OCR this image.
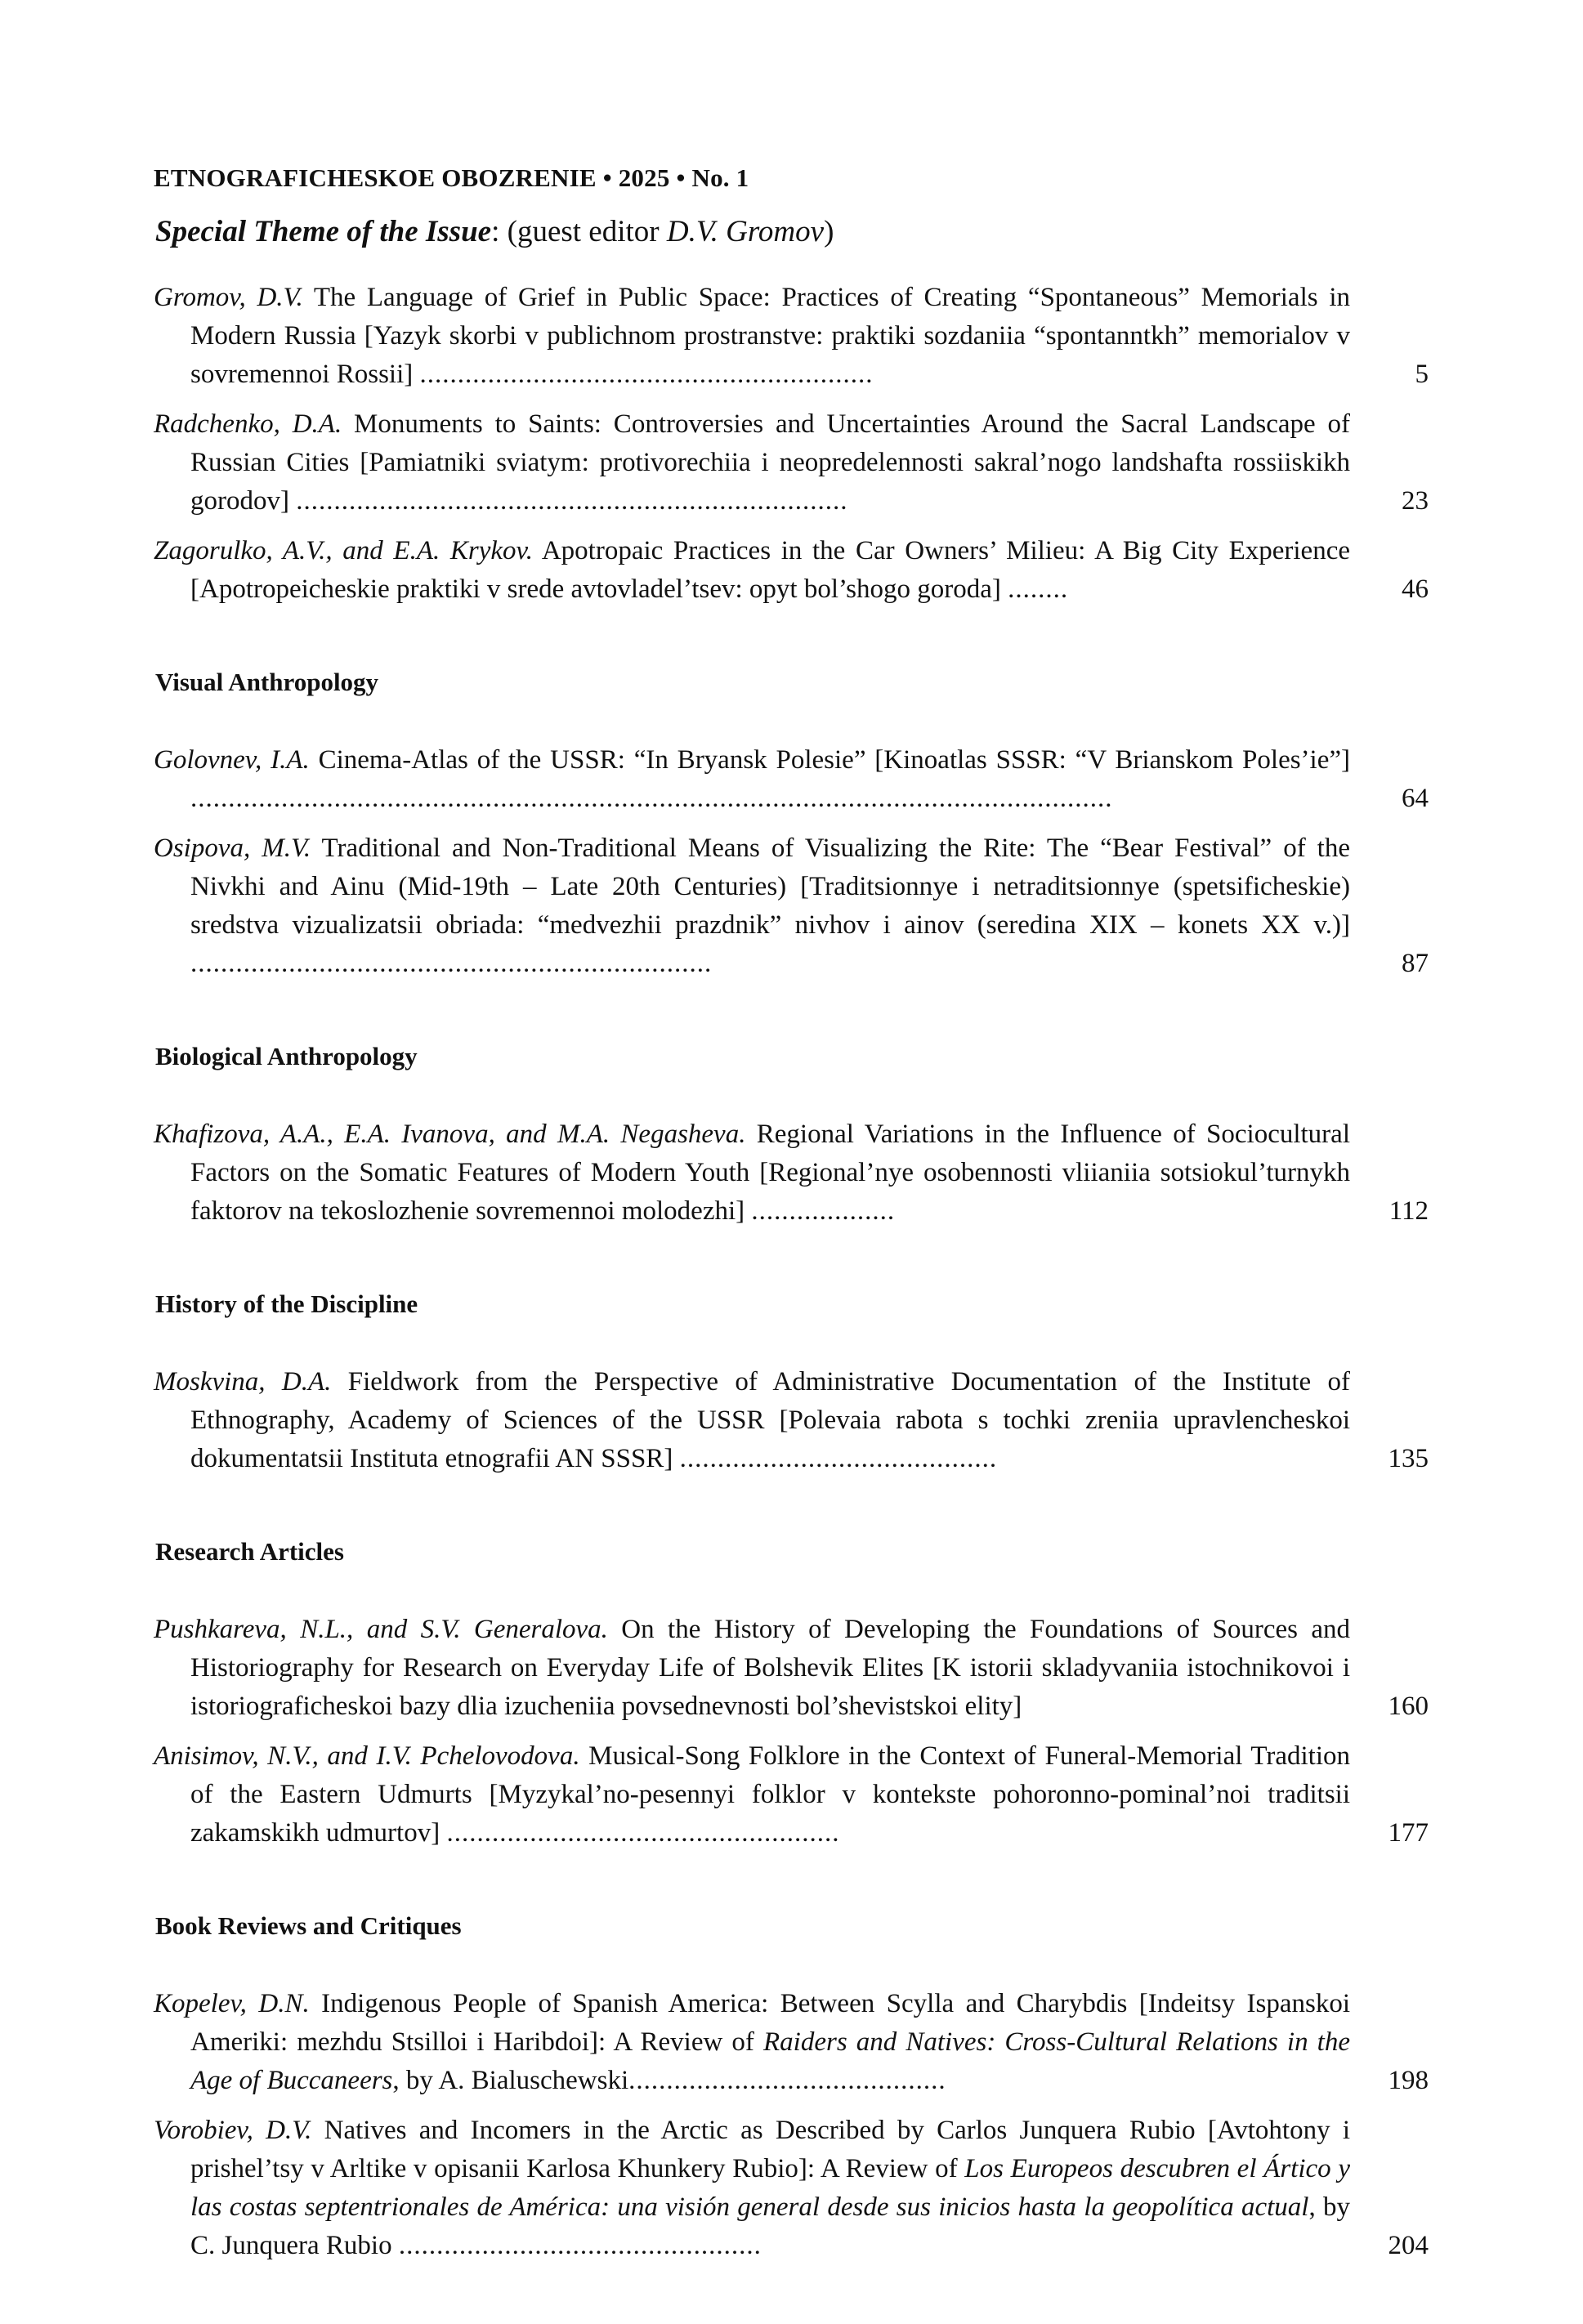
ETNOGRAFICHESKOE OBOZRENIE • 2025 • No. 1
Special Theme of the Issue: (guest editor D.V. Gromov)
Gromov, D.V. The Language of Grief in Public Space: Practices of Creating “Spontaneous” Memorials in Modern Russia [Yazyk skorbi v publichnom prostranstve: praktiki sozdaniia “spontanntkh” memorialov v sovremennoi Rossii] ............................................................	5
Radchenko, D.A. Monuments to Saints: Controversies and Uncertainties Around the Sacral Landscape of Russian Cities [Pamiatniki sviatym: protivorechiia i neopredelennosti sakral’nogo landshafta rossiiskikh gorodov] .........................................................................	23
Zagorulko, A.V., and E.A. Krykov. Apotropaic Practices in the Car Owners’ Milieu: A Big City Experience [Apotropeicheskie praktiki v srede avtovladel’tsev: opyt bol’shogo goroda] ........	46
Visual Anthropology
Golovnev, I.A. Cinema-Atlas of the USSR: “In Bryansk Polesie” [Kinoatlas SSSR: “V Brianskom Poles’ie”] ..........................................................................................................................	64
Osipova, M.V. Traditional and Non-Traditional Means of Visualizing the Rite: The “Bear Festival” of the Nivkhi and Ainu (Mid-19th – Late 20th Centuries) [Traditsionnye i netraditsionnye (spetsificheskie) sredstva vizualizatsii obriada: “medvezhii prazdnik” nivhov i ainov (seredina XIX – konets XX v.)] .....................................................................	87
Biological Anthropology
Khafizova, A.A., E.A. Ivanova, and M.A. Negasheva. Regional Variations in the Influence of Sociocultural Factors on the Somatic Features of Modern Youth [Regional’nye osobennosti vliianiia sotsiokul’turnykh faktorov na tekoslozhenie sovremennoi molodezhi] ...................	112
History of the Discipline
Moskvina, D.A. Fieldwork from the Perspective of Administrative Documentation of the Institute of Ethnography, Academy of Sciences of the USSR [Polevaia rabota s tochki zreniia upravlencheskoi dokumentatsii Instituta etnografii AN SSSR] ..........................................	135
Research Articles
Pushkareva, N.L., and S.V. Generalova. On the History of Developing the Foundations of Sources and Historiography for Research on Everyday Life of Bolshevik Elites [K istorii skladyvaniia istochnikovoi i istoriograficheskoi bazy dlia izucheniia povsednevnosti bol’shevistskoi elity]	160
Anisimov, N.V., and I.V. Pchelovodova. Musical-Song Folklore in the Context of Funeral-Memorial Tradition of the Eastern Udmurts [Myzykal’no-pesennyi folklor v kontekste pohoronno-pominal’noi traditsii zakamskikh udmurtov] ....................................................	177
Book Reviews and Critiques
Kopelev, D.N. Indigenous People of Spanish America: Between Scylla and Charybdis [Indeitsy Ispanskoi Ameriki: mezhdu Stsilloi i Haribdoi]: A Review of Raiders and Natives: Cross-Cultural Relations in the Age of Buccaneers, by A. Bialuschewski..........................................	198
Vorobiev, D.V. Natives and Incomers in the Arctic as Described by Carlos Junquera Rubio [Avtohtony i prishel’tsy v Arltike v opisanii Karlosa Khunkery Rubio]: A Review of Los Europeos descubren el Ártico y las costas septentrionales de América: una visión general desde sus inicios hasta la geopolítica actual, by C. Junquera Rubio ................................................	204
